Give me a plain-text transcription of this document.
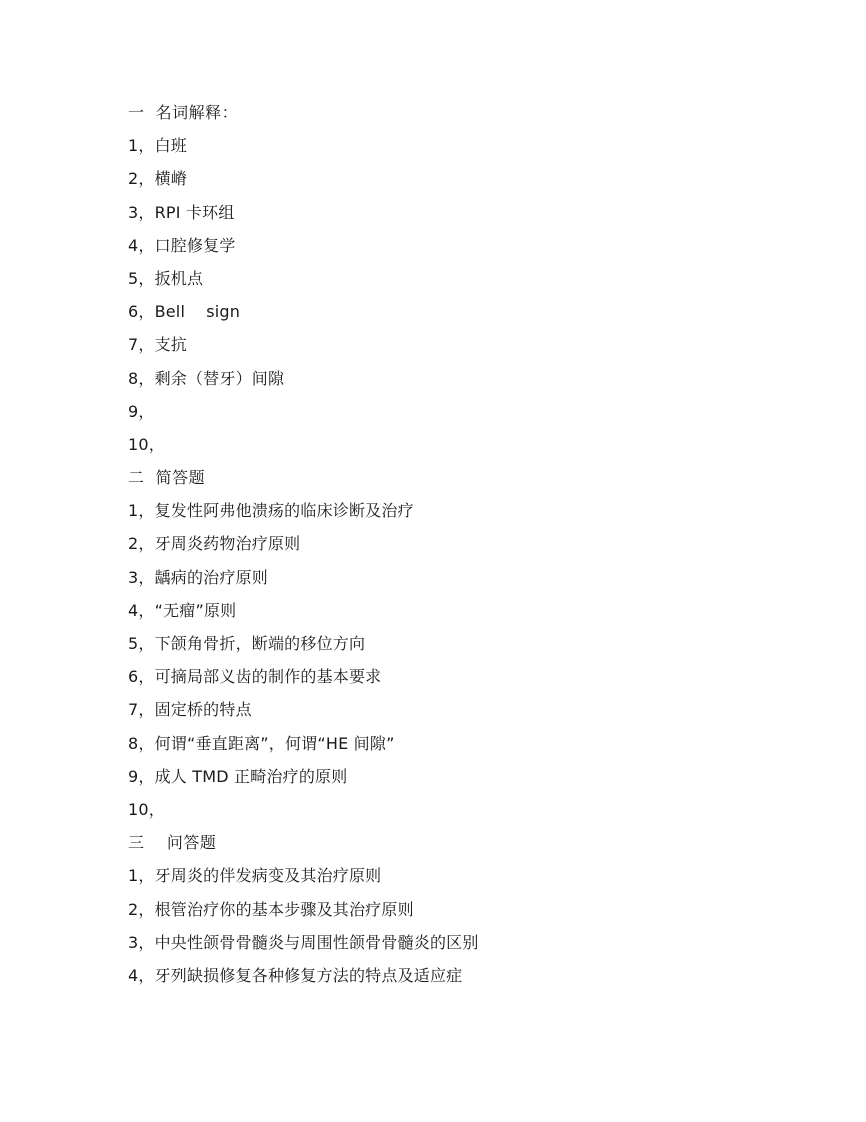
一  名词解释：
1，白班
2，横嵴
3，RPI 卡环组
4，口腔修复学
5，扳机点
6，Bell    sign
7，支抗
8，剩余（替牙）间隙
9，
10，
二  简答题
1，复发性阿弗他溃疡的临床诊断及治疗
2，牙周炎药物治疗原则
3，龋病的治疗原则
4，“无瘤”原则
5，下颌角骨折，断端的移位方向
6，可摘局部义齿的制作的基本要求
7，固定桥的特点
8，何谓“垂直距离”，何谓“HE 间隙”
9，成人 TMD 正畸治疗的原则
10，
三    问答题
1，牙周炎的伴发病变及其治疗原则
2，根管治疗你的基本步骤及其治疗原则
3，中央性颌骨骨髓炎与周围性颌骨骨髓炎的区别
4，牙列缺损修复各种修复方法的特点及适应症
